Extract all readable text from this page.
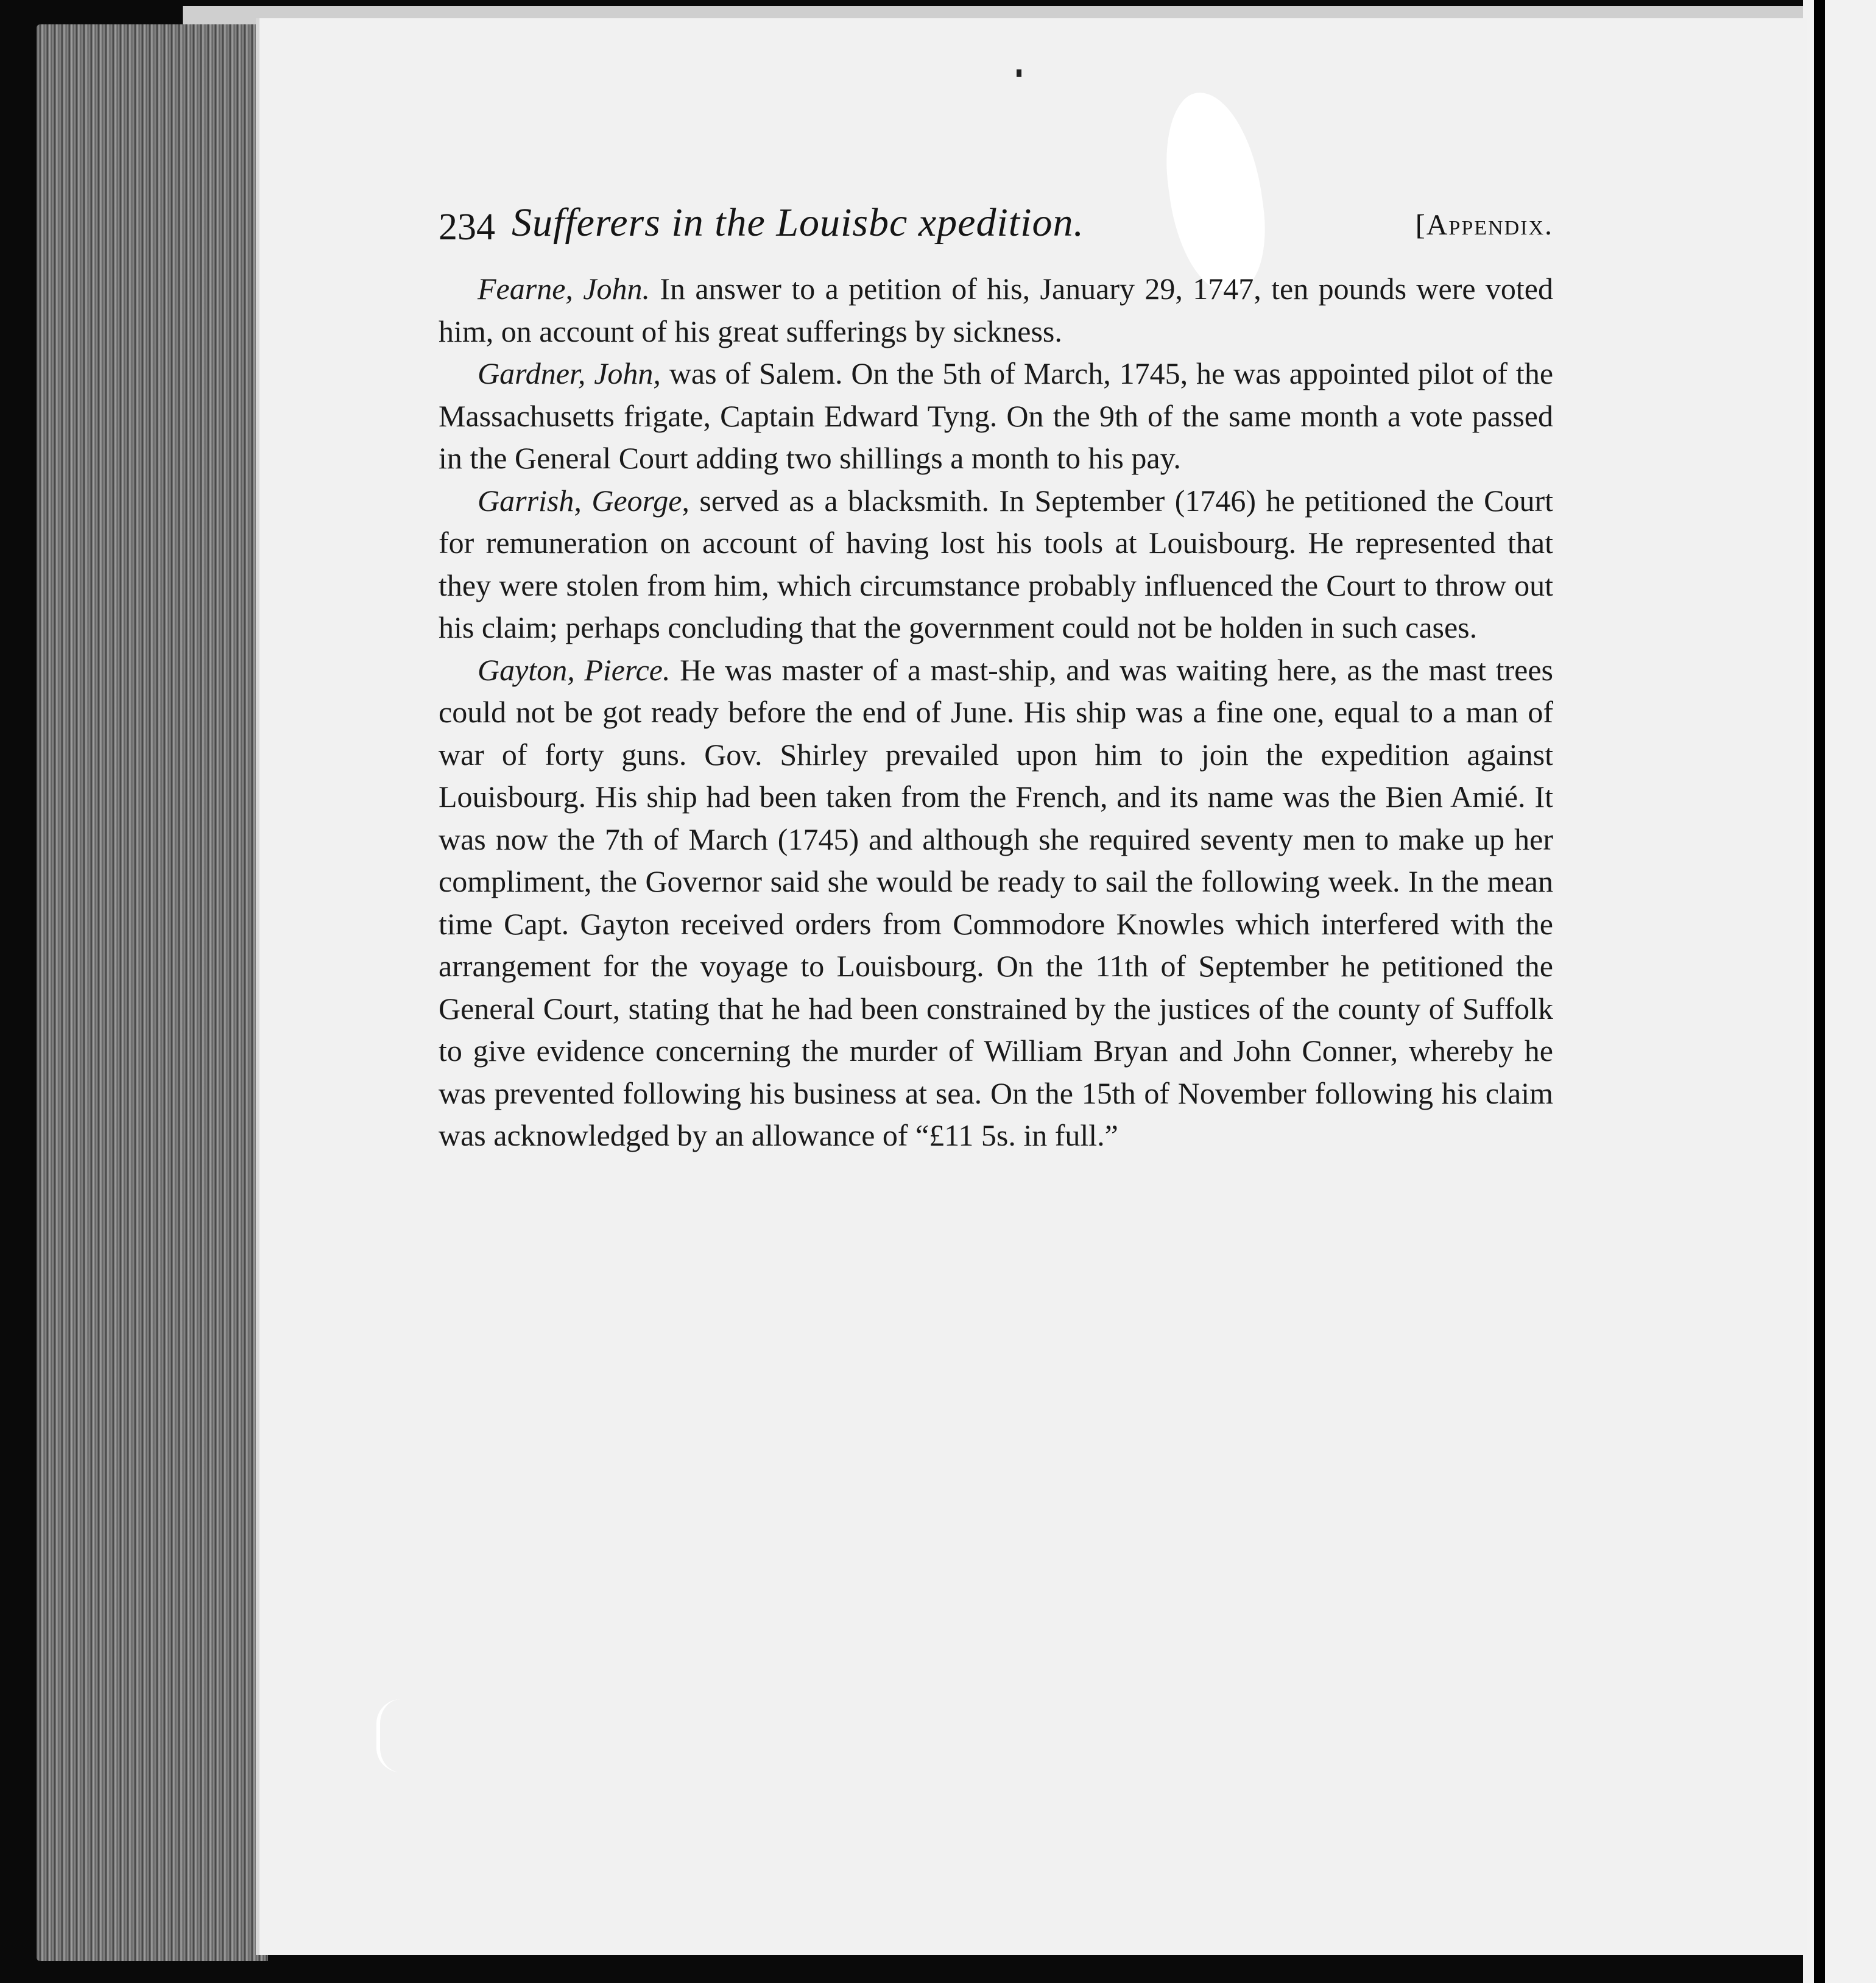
234 Sufferers in the Louisbc xpedition.	[Appendix.

Fearne, John. In answer to a petition of his, January 29, 1747, ten pounds were voted him, on account of his great sufferings by sickness.

Gardner, John, was of Salem. On the 5th of March, 1745, he was appointed pilot of the Massachusetts frigate, Captain Edward Tyng. On the 9th of the same month a vote passed in the General Court adding two shillings a month to his pay.

Garrish, George, served as a blacksmith. In September (1746) he petitioned the Court for remuneration on account of having lost his tools at Louisbourg. He represented that they were stolen from him, which circumstance probably influenced the Court to throw out his claim; perhaps concluding that the government could not be holden in such cases.

Gayton, Pierce. He was master of a mast-ship, and was waiting here, as the mast trees could not be got ready before the end of June. His ship was a fine one, equal to a man of war of forty guns. Gov. Shirley prevailed upon him to join the expedition against Louisbourg. His ship had been taken from the French, and its name was the Bien Amié. It was now the 7th of March (1745) and although she required seventy men to make up her compliment, the Governor said she would be ready to sail the following week. In the mean time Capt. Gayton received orders from Commodore Knowles which interfered with the arrangement for the voyage to Louisbourg. On the 11th of September he petitioned the General Court, stating that he had been constrained by the justices of the county of Suffolk to give evidence concerning the murder of William Bryan and John Conner, whereby he was prevented following his business at sea. On the 15th of November following his claim was acknowledged by an allowance of “£11 5s. in full.”
